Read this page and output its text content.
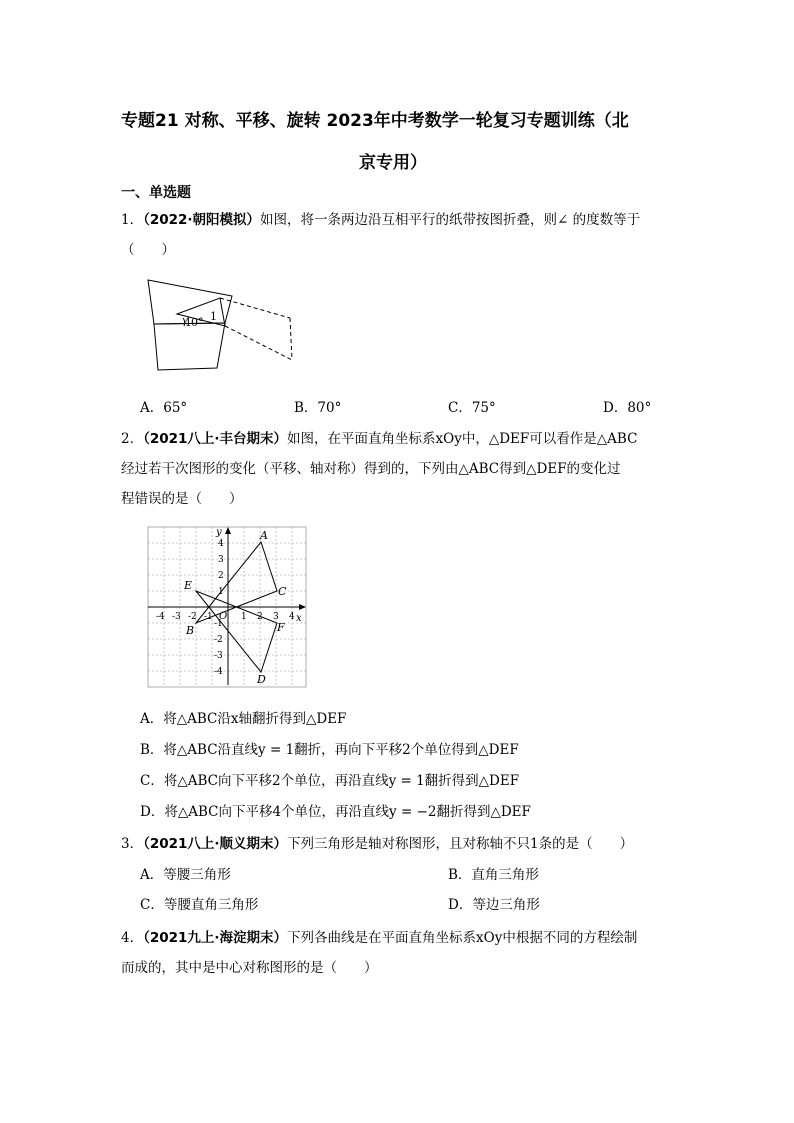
专题21 对称、平移、旋转 2023年中考数学一轮复习专题训练（北
京专用）
一、单选题
1．（2022·朝阳模拟）如图，将一条两边沿互相平行的纸带按图折叠，则∠ 的度数等于
（　　）
40° 1
A．65°	B．70°	C．75°	D．80°
2．（2021八上·丰台期末）如图，在平面直角坐标系xOy中，△DEF可以看作是△ABC
经过若干次图形的变化（平移、轴对称）得到的，下列由△ABC得到△DEF的变化过
程错误的是（　　）
x
y
O
-4 -3 -2 -1	1 2 3 4
4
3
2
1
-1
-2
-3
-4
A
B
C
D
E
F
A．将△ABC沿x轴翻折得到△DEF
B．将△ABC沿直线y = 1翻折，再向下平移2个单位得到△DEF
C．将△ABC向下平移2个单位，再沿直线y = 1翻折得到△DEF
D．将△ABC向下平移4个单位，再沿直线y = −2翻折得到△DEF
3．（2021八上·顺义期末）下列三角形是轴对称图形，且对称轴不只1条的是（　　）
A．等腰三角形	B．直角三角形
C．等腰直角三角形	D．等边三角形
4．（2021九上·海淀期末）下列各曲线是在平面直角坐标系xOy中根据不同的方程绘制
而成的，其中是中心对称图形的是（　　）
